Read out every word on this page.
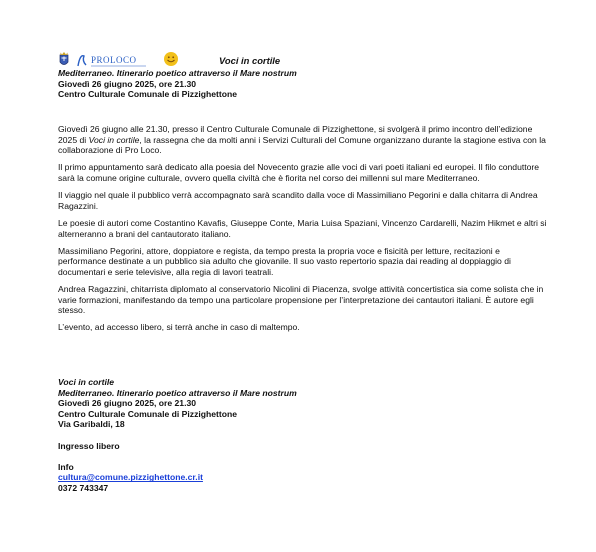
PROLOCO	Voci in cortile
Mediterraneo. Itinerario poetico attraverso il Mare nostrum
Giovedì 26 giugno 2025, ore 21.30
Centro Culturale Comunale di Pizzighettone

Giovedì 26 giugno alle 21.30, presso il Centro Culturale Comunale di Pizzighettone, si svolgerà il primo incontro dell’edizione 2025 di Voci in cortile, la rassegna che da molti anni i Servizi Culturali del Comune organizzano durante la stagione estiva con la collaborazione di Pro Loco.

Il primo appuntamento sarà dedicato alla poesia del Novecento grazie alle voci di vari poeti italiani ed europei. Il filo conduttore sarà la comune origine culturale, ovvero quella civiltà che è fiorita nel corso dei millenni sul mare Mediterraneo.

Il viaggio nel quale il pubblico verrà accompagnato sarà scandito dalla voce di Massimiliano Pegorini e dalla chitarra di Andrea Ragazzini.

Le poesie di autori come Costantino Kavafis, Giuseppe Conte, Maria Luisa Spaziani, Vincenzo Cardarelli, Nazim Hikmet e altri si alterneranno a brani del cantautorato italiano.

Massimiliano Pegorini, attore, doppiatore e regista, da tempo presta la propria voce e fisicità per letture, recitazioni e performance destinate a un pubblico sia adulto che giovanile. Il suo vasto repertorio spazia dai reading al doppiaggio di documentari e serie televisive, alla regia di lavori teatrali.

Andrea Ragazzini, chitarrista diplomato al conservatorio Nicolini di Piacenza, svolge attività concertistica sia come solista che in varie formazioni, manifestando da tempo una particolare propensione per l’interpretazione dei cantautori italiani. È autore egli stesso.

L’evento, ad accesso libero, si terrà anche in caso di maltempo.

Voci in cortile
Mediterraneo. Itinerario poetico attraverso il Mare nostrum
Giovedì 26 giugno 2025, ore 21.30
Centro Culturale Comunale di Pizzighettone
Via Garibaldi, 18
Ingresso libero
Info
cultura@comune.pizzighettone.cr.it
0372 743347
